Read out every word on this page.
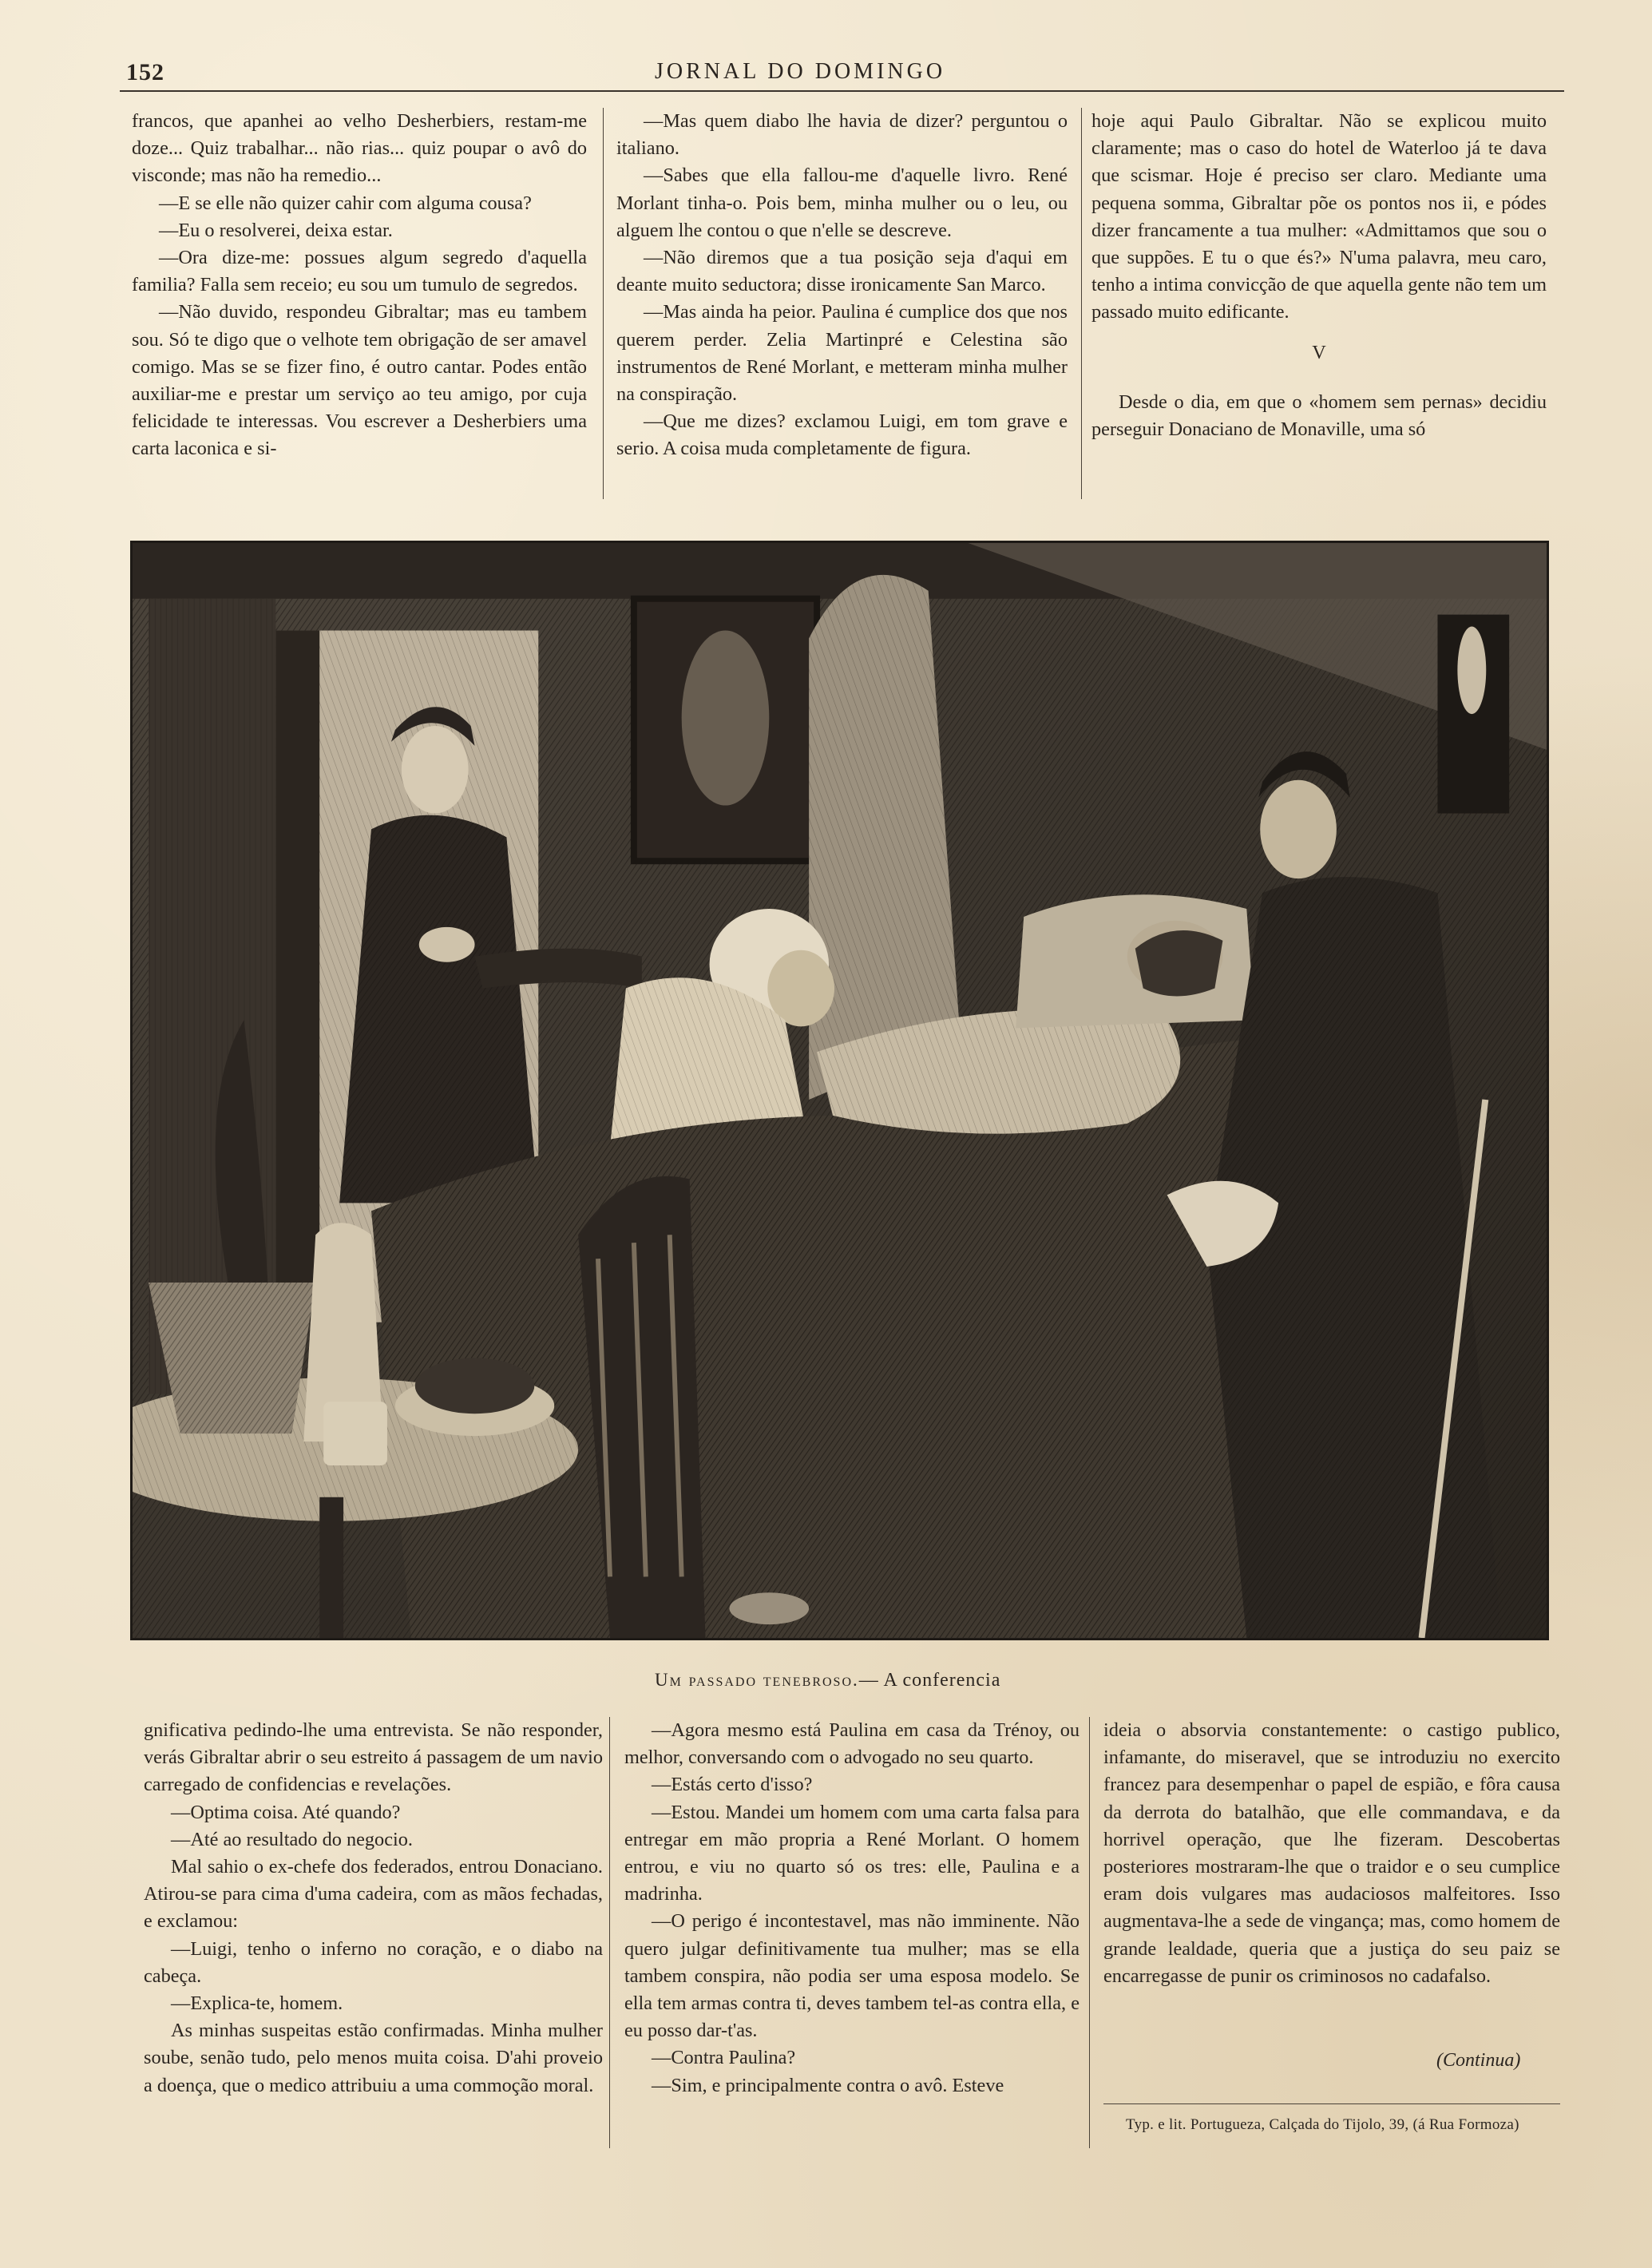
152	JORNAL DO DOMINGO

francos, que apanhei ao velho Desherbiers, restam-me doze... Quiz trabalhar... não rias... quiz poupar o avô do visconde; mas não ha remedio...

—E se elle não quizer cahir com alguma cousa?

—Eu o resolverei, deixa estar.

—Ora dize-me: possues algum segredo d'aquella familia? Falla sem receio; eu sou um tumulo de segredos.

—Não duvido, respondeu Gibraltar; mas eu tambem sou. Só te digo que o velhote tem obrigação de ser amavel comigo. Mas se se fizer fino, é outro cantar. Podes então auxiliar-me e prestar um serviço ao teu amigo, por cuja felicidade te interessas. Vou escrever a Desherbiers uma carta laconica e si-

—Mas quem diabo lhe havia de dizer? perguntou o italiano.

—Sabes que ella fallou-me d'aquelle livro. René Morlant tinha-o. Pois bem, minha mulher ou o leu, ou alguem lhe contou o que n'elle se descreve.

—Não diremos que a tua posição seja d'aqui em deante muito seductora; disse ironicamente San Marco.

—Mas ainda ha peior. Paulina é cumplice dos que nos querem perder. Zelia Martinpré e Celestina são instrumentos de René Morlant, e metteram minha mulher na conspiração.

—Que me dizes? exclamou Luigi, em tom grave e serio. A coisa muda completamente de figura.

hoje aqui Paulo Gibraltar. Não se explicou muito claramente; mas o caso do hotel de Waterloo já te dava que scismar. Hoje é preciso ser claro. Mediante uma pequena somma, Gibraltar põe os pontos nos ii, e pódes dizer francamente a tua mulher: «Admittamos que sou o que suppões. E tu o que és?» N'uma palavra, meu caro, tenho a intima convicção de que aquella gente não tem um passado muito edificante.

V

Desde o dia, em que o «homem sem pernas» decidiu perseguir Donaciano de Monaville, uma só

Um passado tenebroso.— A conferencia

gnificativa pedindo-lhe uma entrevista. Se não responder, verás Gibraltar abrir o seu estreito á passagem de um navio carregado de confidencias e revelações.

—Optima coisa. Até quando?

—Até ao resultado do negocio.

Mal sahio o ex-chefe dos federados, entrou Donaciano. Atirou-se para cima d'uma cadeira, com as mãos fechadas, e exclamou:

—Luigi, tenho o inferno no coração, e o diabo na cabeça.

—Explica-te, homem.

As minhas suspeitas estão confirmadas. Minha mulher soube, senão tudo, pelo menos muita coisa. D'ahi proveio a doença, que o medico attribuiu a uma commoção moral.

—Agora mesmo está Paulina em casa da Trénoy, ou melhor, conversando com o advogado no seu quarto.

—Estás certo d'isso?

—Estou. Mandei um homem com uma carta falsa para entregar em mão propria a René Morlant. O homem entrou, e viu no quarto só os tres: elle, Paulina e a madrinha.

—O perigo é incontestavel, mas não imminente. Não quero julgar definitivamente tua mulher; mas se ella tambem conspira, não podia ser uma esposa modelo. Se ella tem armas contra ti, deves tambem tel-as contra ella, e eu posso dar-t'as.

—Contra Paulina?

—Sim, e principalmente contra o avô. Esteve

ideia o absorvia constantemente: o castigo publico, infamante, do miseravel, que se introduziu no exercito francez para desempenhar o papel de espião, e fôra causa da derrota do batalhão, que elle commandava, e da horrivel operação, que lhe fizeram. Descobertas posteriores mostraram-lhe que o traidor e o seu cumplice eram dois vulgares mas audaciosos malfeitores. Isso augmentava-lhe a sede de vingança; mas, como homem de grande lealdade, queria que a justiça do seu paiz se encarregasse de punir os criminosos no cadafalso.

(Continua)
Typ. e lit. Portugueza, Calçada do Tijolo, 39, (á Rua Formoza)
